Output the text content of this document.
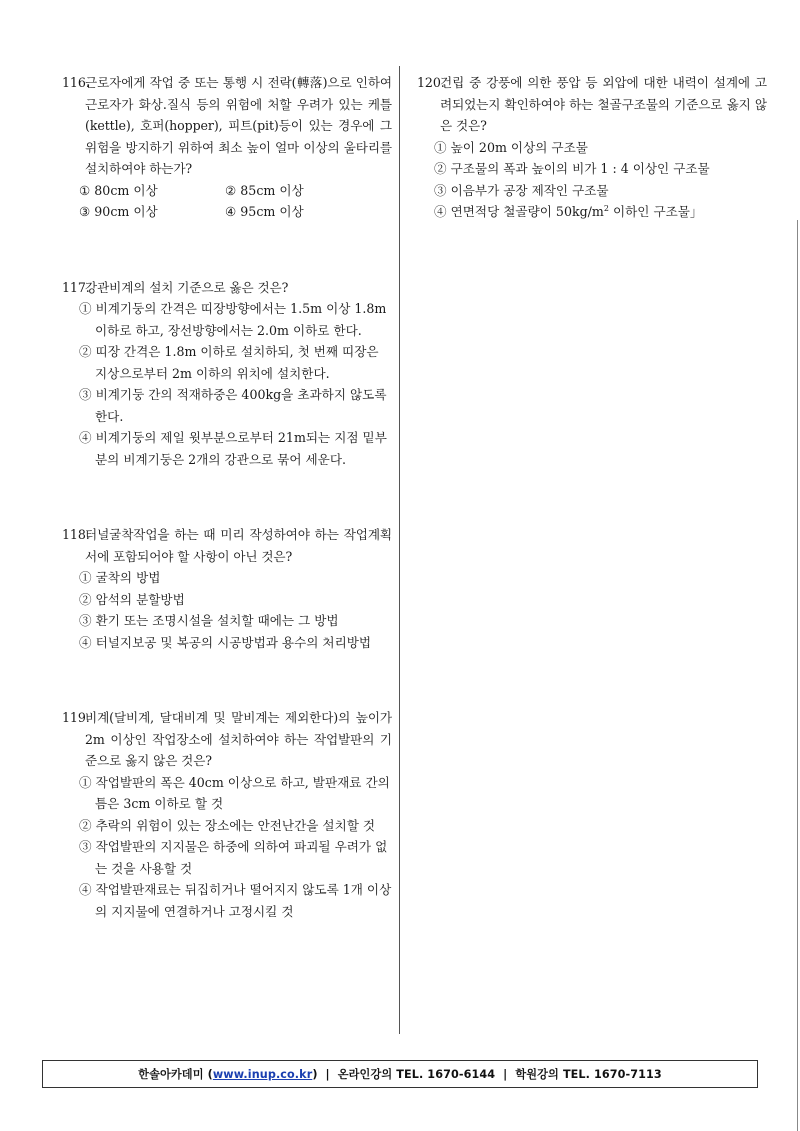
116.근로자에게 작업 중 또는 통행 시 전락(轉落)으로 인하여 근로자가 화상․질식 등의 위험에 처할 우려가 있는 케틀(kettle), 호퍼(hopper), 피트(pit)등이 있는 경우에 그 위험을 방지하기 위하여 최소 높이 얼마 이상의 울타리를 설치하여야 하는가?
① 80cm 이상	② 85cm 이상
③ 90cm 이상	④ 95cm 이상
117.강관비계의 설치 기준으로 옳은 것은?
① 비계기둥의 간격은 띠장방향에서는 1.5m 이상 1.8m 이하로 하고, 장선방향에서는 2.0m 이하로 한다.
② 띠장 간격은 1.8m 이하로 설치하되, 첫 번째 띠장은 지상으로부터 2m 이하의 위치에 설치한다.
③ 비계기둥 간의 적재하중은 400kg을 초과하지 않도록 한다.
④ 비계기둥의 제일 윗부분으로부터 21m되는 지점 밑부분의 비계기둥은 2개의 강관으로 묶어 세운다.
118.터널굴착작업을 하는 때 미리 작성하여야 하는 작업계획서에 포함되어야 할 사항이 아닌 것은?
① 굴착의 방법
② 암석의 분할방법
③ 환기 또는 조명시설을 설치할 때에는 그 방법
④ 터널지보공 및 복공의 시공방법과 용수의 처리방법
119.비계(달비계, 달대비계 및 말비계는 제외한다)의 높이가 2m 이상인 작업장소에 설치하여야 하는 작업발판의 기준으로 옳지 않은 것은?
① 작업발판의 폭은 40cm 이상으로 하고, 발판재료 간의 틈은 3cm 이하로 할 것
② 추락의 위험이 있는 장소에는 안전난간을 설치할 것
③ 작업발판의 지지물은 하중에 의하여 파괴될 우려가 없는 것을 사용할 것
④ 작업발판재료는 뒤집히거나 떨어지지 않도록 1개 이상의 지지물에 연결하거나 고정시킬 것
120.건립 중 강풍에 의한 풍압 등 외압에 대한 내력이 설계에 고려되었는지 확인하여야 하는 철골구조물의 기준으로 옳지 않은 것은?
① 높이 20m 이상의 구조물
② 구조물의 폭과 높이의 비가 1 : 4 이상인 구조물
③ 이음부가 공장 제작인 구조물
④ 연면적당 철골량이 $50kg/m^2$ 이하인 구조물」
한솔아카데미 ( www.inup.co.kr ) | 온라인강의 TEL. 1670-6144 | 학원강의 TEL. 1670-7113
